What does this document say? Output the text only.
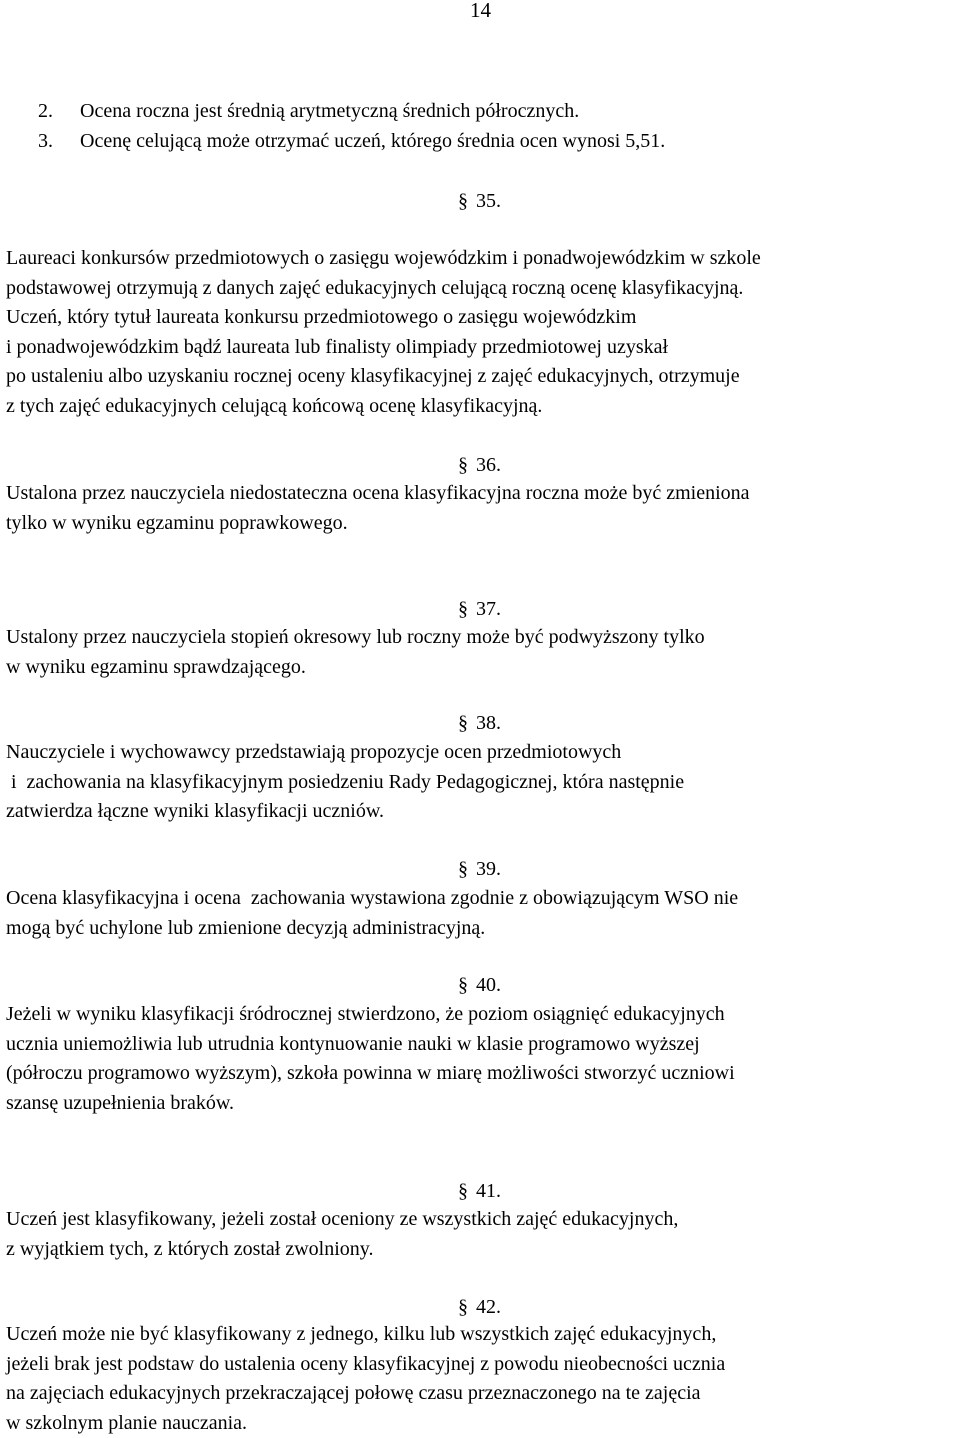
14
2. Ocena roczna jest średnią arytmetyczną średnich półrocznych.
3. Ocenę celującą może otrzymać uczeń, którego średnia ocen wynosi 5,51.
§ 35.
Laureaci konkursów przedmiotowych o zasięgu wojewódzkim i ponadwojewódzkim w szkole
podstawowej otrzymują z danych zajęć edukacyjnych celującą roczną ocenę klasyfikacyjną.
Uczeń, który tytuł laureata konkursu przedmiotowego o zasięgu wojewódzkim
i ponadwojewódzkim bądź laureata lub finalisty olimpiady przedmiotowej uzyskał
po ustaleniu albo uzyskaniu rocznej oceny klasyfikacyjnej z zajęć edukacyjnych, otrzymuje
z tych zajęć edukacyjnych celującą końcową ocenę klasyfikacyjną.
§ 36.
Ustalona przez nauczyciela niedostateczna ocena klasyfikacyjna roczna może być zmieniona
tylko w wyniku egzaminu poprawkowego.
§ 37.
Ustalony przez nauczyciela stopień okresowy lub roczny może być podwyższony tylko
w wyniku egzaminu sprawdzającego.
§ 38.
Nauczyciele i wychowawcy przedstawiają propozycje ocen przedmiotowych
i  zachowania na klasyfikacyjnym posiedzeniu Rady Pedagogicznej, która następnie
zatwierdza łączne wyniki klasyfikacji uczniów.
§ 39.
Ocena klasyfikacyjna i ocena  zachowania wystawiona zgodnie z obowiązującym WSO nie
mogą być uchylone lub zmienione decyzją administracyjną.
§ 40.
Jeżeli w wyniku klasyfikacji śródrocznej stwierdzono, że poziom osiągnięć edukacyjnych
ucznia uniemożliwia lub utrudnia kontynuowanie nauki w klasie programowo wyższej
(półroczu programowo wyższym), szkoła powinna w miarę możliwości stworzyć uczniowi
szansę uzupełnienia braków.
§ 41.
Uczeń jest klasyfikowany, jeżeli został oceniony ze wszystkich zajęć edukacyjnych,
z wyjątkiem tych, z których został zwolniony.
§ 42.
Uczeń może nie być klasyfikowany z jednego, kilku lub wszystkich zajęć edukacyjnych,
jeżeli brak jest podstaw do ustalenia oceny klasyfikacyjnej z powodu nieobecności ucznia
na zajęciach edukacyjnych przekraczającej połowę czasu przeznaczonego na te zajęcia
w szkolnym planie nauczania.
